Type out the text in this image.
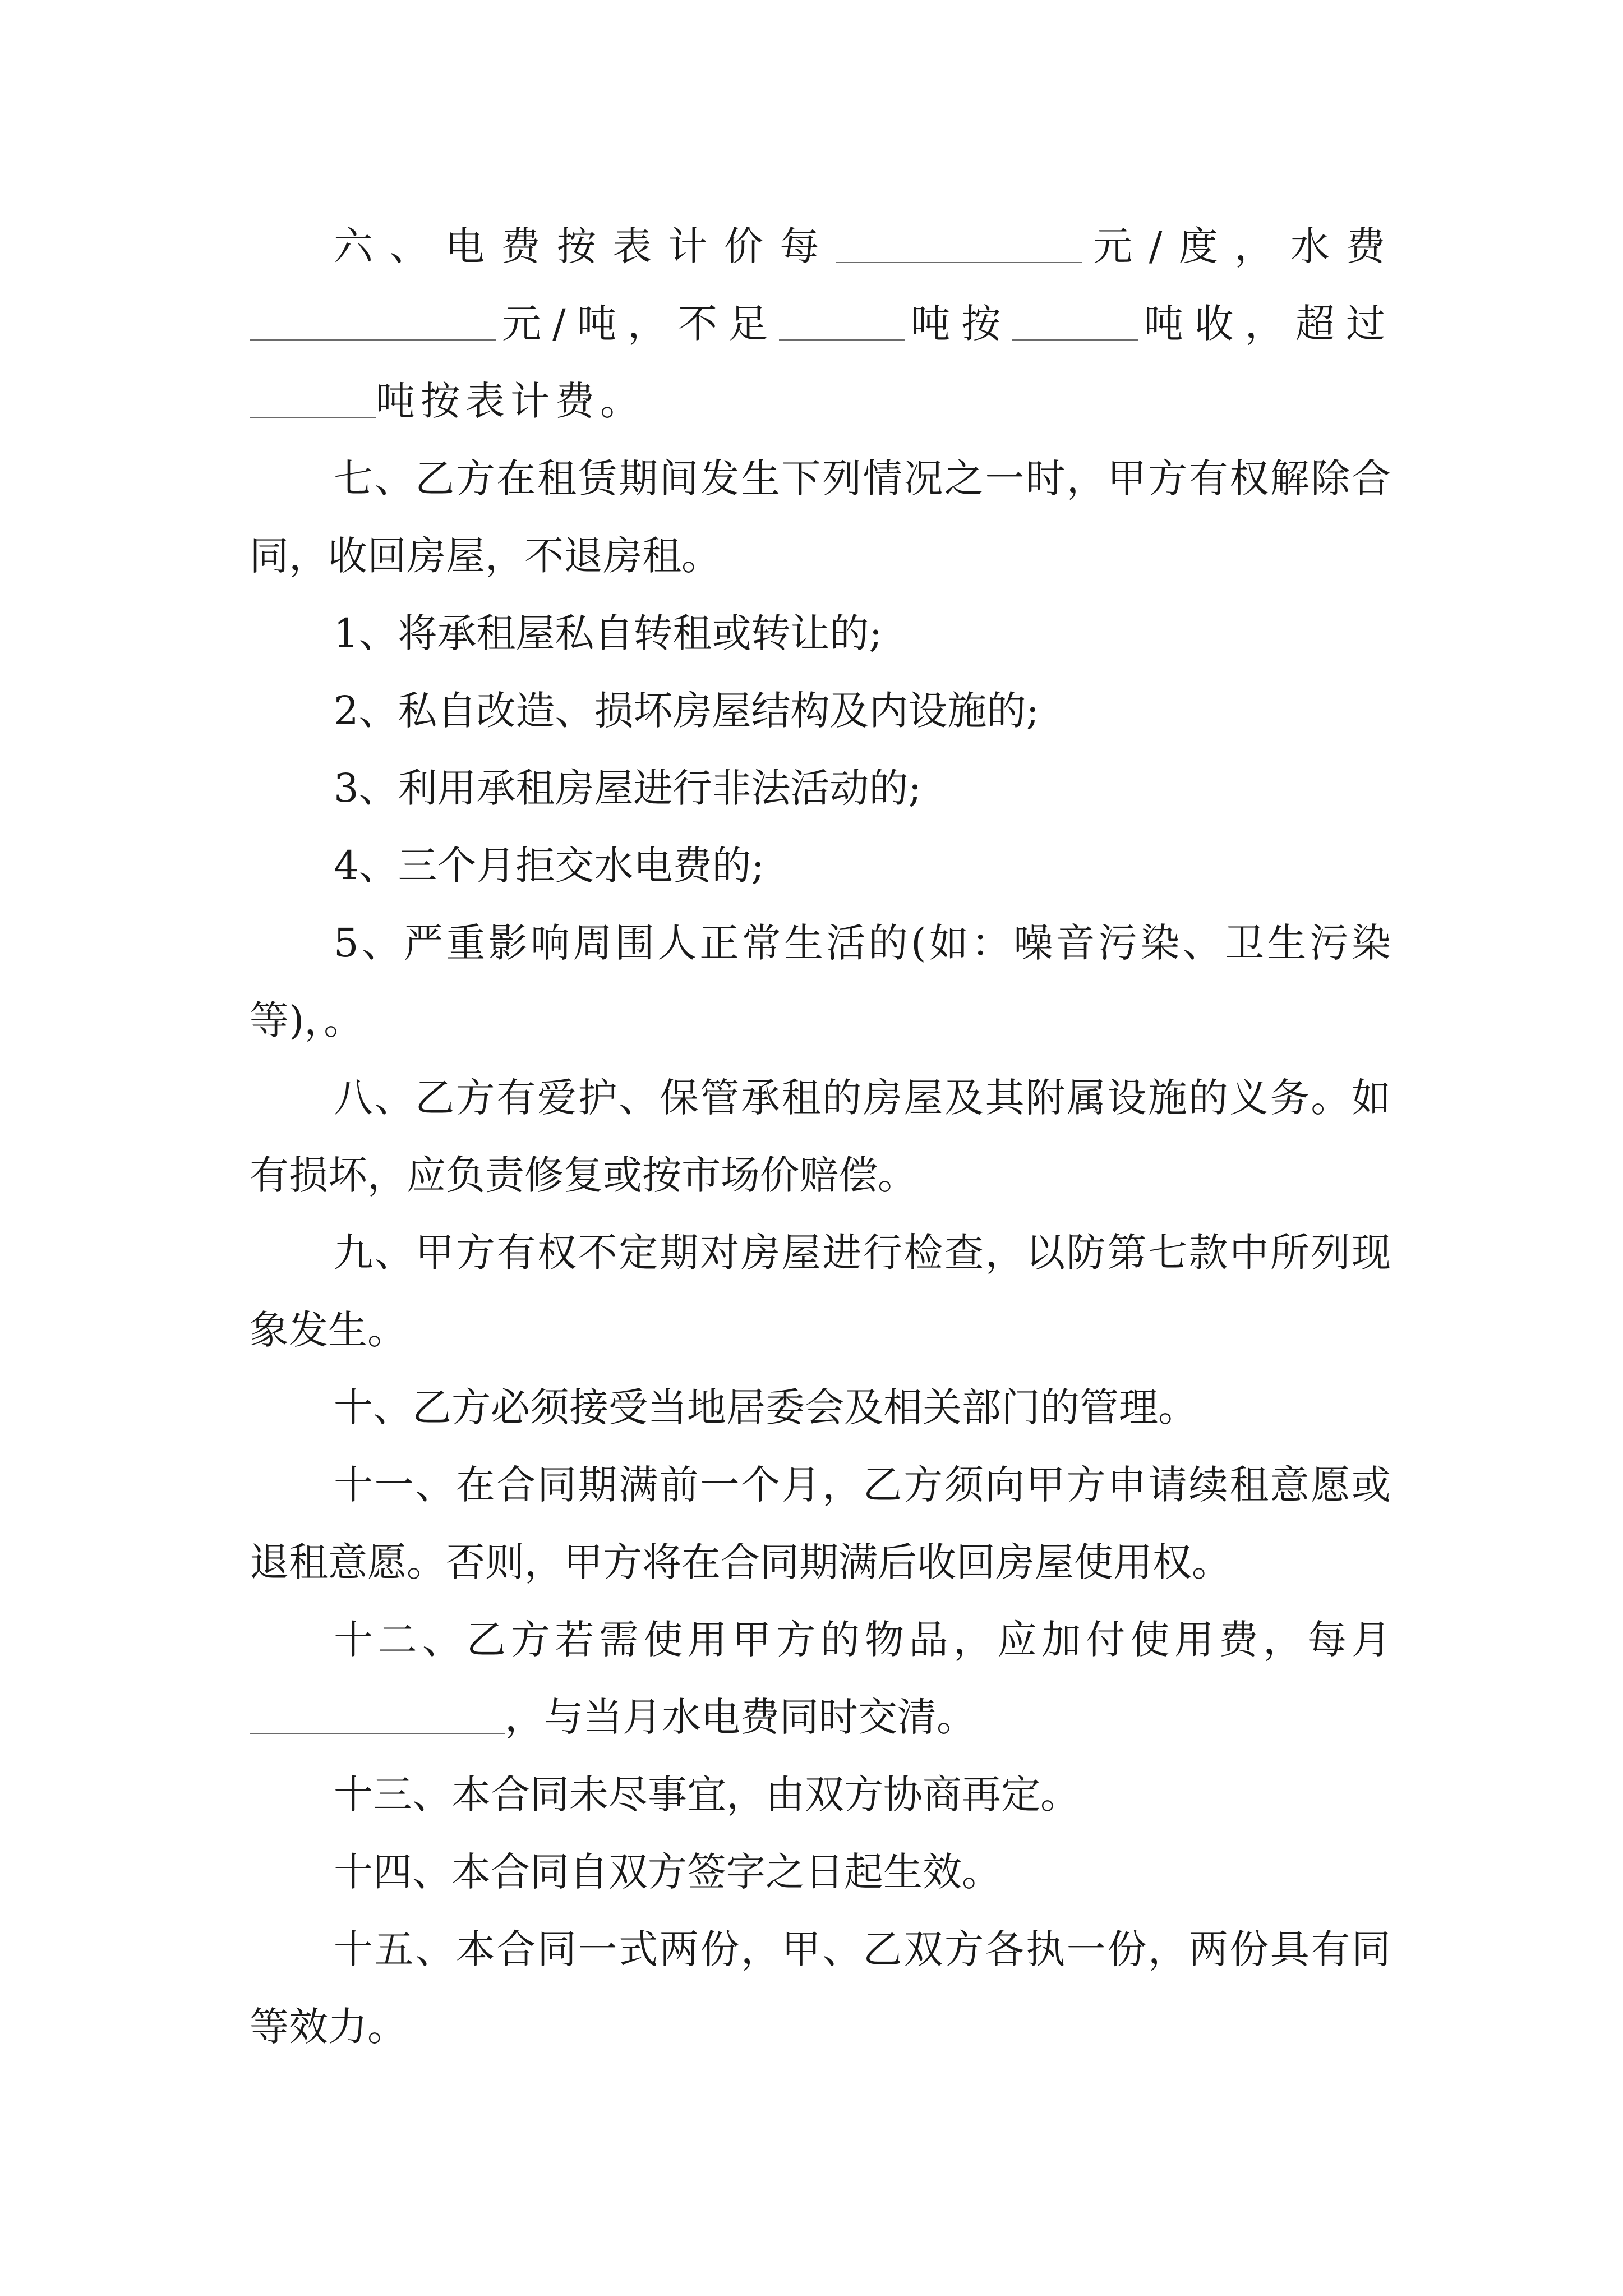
六、电费按表计价每	元/度，水费元/吨，不足	吨按	吨收，超过吨按表计费。

七、乙方在租赁期间发生下列情况之一时，甲方有权解除合同，收回房屋，不退房租。

1、将承租屋私自转租或转让的;

2、私自改造、损坏房屋结构及内设施的;

3、利用承租房屋进行非法活动的;

4、三个月拒交水电费的;

5、严重影响周围人正常生活的(如：噪音污染、卫生污染等)，。

八、乙方有爱护、保管承租的房屋及其附属设施的义务。如有损坏，应负责修复或按市场价赔偿。

九、甲方有权不定期对房屋进行检查，以防第七款中所列现象发生。

十、乙方必须接受当地居委会及相关部门的管理。

十一、在合同期满前一个月，乙方须向甲方申请续租意愿或退租意愿。否则，甲方将在合同期满后收回房屋使用权。

十二、乙方若需使用甲方的物品，应加付使用费，每月，与当月水电费同时交清。

十三、本合同未尽事宜，由双方协商再定。

十四、本合同自双方签字之日起生效。

十五、本合同一式两份，甲、乙双方各执一份，两份具有同等效力。
